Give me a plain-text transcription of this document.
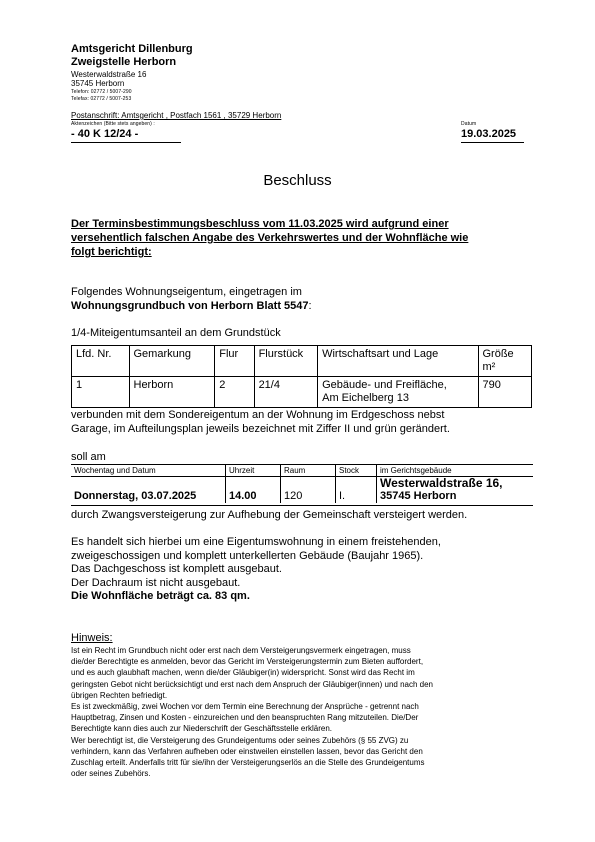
Amtsgericht Dillenburg
Zweigstelle Herborn
Westerwaldstraße 16
35745 Herborn
Telefon: 02772 / 5007-290
Telefax: 02772 / 5007-253
Postanschrift: Amtsgericht , Postfach 1561 , 35729 Herborn
Aktenzeichen (Bitte stets angeben) :	Datum
- 40 K 12/24 -	19.03.2025
Beschluss
Der Terminsbestimmungsbeschluss vom 11.03.2025 wird aufgrund einer
versehentlich falschen Angabe des Verkehrswertes und der Wohnfläche wie
folgt berichtigt:
Folgendes Wohnungseigentum, eingetragen im
Wohnungsgrundbuch von Herborn Blatt 5547:
1/4-Miteigentumsanteil an dem Grundstück
Lfd. Nr.	Gemarkung	Flur	Flurstück	Wirtschaftsart und Lage	Größe
m²

1	Herborn	2	21/4	Gebäude- und Freifläche,
Am Eichelberg 13	790
verbunden mit dem Sondereigentum an der Wohnung im Erdgeschoss nebst
Garage, im Aufteilungsplan jeweils bezeichnet mit Ziffer II und grün gerändert.
soll am
Wochentag und Datum	Uhrzeit	Raum	Stock	im Gerichtsgebäude
Donnerstag, 03.07.2025	14.00	120	I.	Westerwaldstraße 16,
35745 Herborn
durch Zwangsversteigerung zur Aufhebung der Gemeinschaft versteigert werden.
Es handelt sich hierbei um eine Eigentumswohnung in einem freistehenden,
zweigeschossigen und komplett unterkellerten Gebäude (Baujahr 1965).
Das Dachgeschoss ist komplett ausgebaut.
Der Dachraum ist nicht ausgebaut.
Die Wohnfläche beträgt ca. 83 qm.
Hinweis:
Ist ein Recht im Grundbuch nicht oder erst nach dem Versteigerungsvermerk eingetragen, muss
die/der Berechtigte es anmelden, bevor das Gericht im Versteigerungstermin zum Bieten auffordert,
und es auch glaubhaft machen, wenn die/der Gläubiger(in) widerspricht. Sonst wird das Recht im
geringsten Gebot nicht berücksichtigt und erst nach dem Anspruch der Gläubiger(innen) und nach den
übrigen Rechten befriedigt.
Es ist zweckmäßig, zwei Wochen vor dem Termin eine Berechnung der Ansprüche - getrennt nach
Hauptbetrag, Zinsen und Kosten - einzureichen und den beanspruchten Rang mitzuteilen. Die/Der
Berechtigte kann dies auch zur Niederschrift der Geschäftsstelle erklären.
Wer berechtigt ist, die Versteigerung des Grundeigentums oder seines Zubehörs (§ 55 ZVG) zu
verhindern, kann das Verfahren aufheben oder einstweilen einstellen lassen, bevor das Gericht den
Zuschlag erteilt. Anderfalls tritt für sie/ihn der Versteigerungserlös an die Stelle des Grundeigentums
oder seines Zubehörs.
